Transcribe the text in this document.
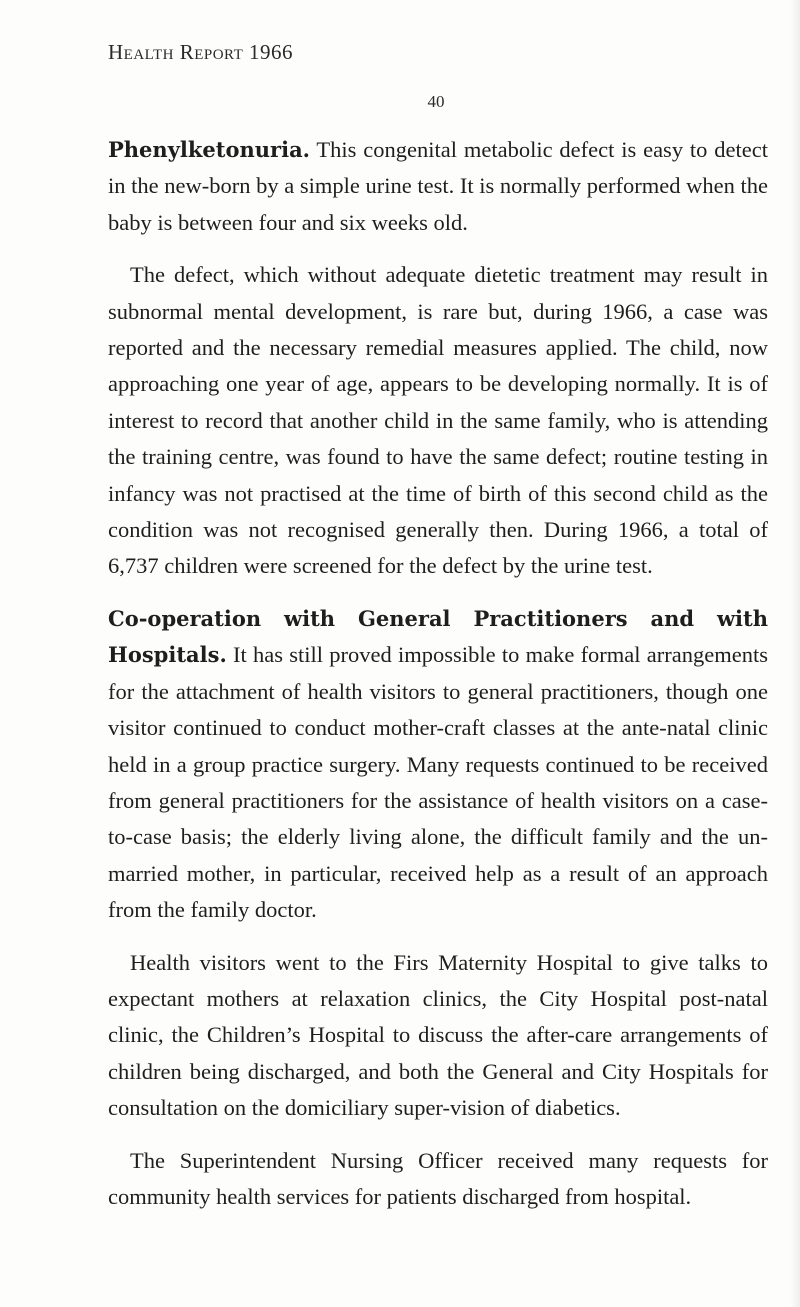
Health Report 1966
40

Phenylketonuria. This congenital metabolic defect is easy to detect in the new-born by a simple urine test. It is normally performed when the baby is between four and six weeks old.

The defect, which without adequate dietetic treatment may result in subnormal mental development, is rare but, during 1966, a case was reported and the necessary remedial measures applied. The child, now approaching one year of age, appears to be developing normally. It is of interest to record that another child in the same family, who is attending the training centre, was found to have the same defect; routine testing in infancy was not practised at the time of birth of this second child as the condition was not recognised generally then. During 1966, a total of 6,737 children were screened for the defect by the urine test.

Co-operation with General Practitioners and with Hospitals. It has still proved impossible to make formal arrangements for the attachment of health visitors to general practitioners, though one visitor continued to conduct mother-craft classes at the ante-natal clinic held in a group practice surgery. Many requests continued to be received from general practitioners for the assistance of health visitors on a case-to-case basis; the elderly living alone, the difficult family and the un-married mother, in particular, received help as a result of an approach from the family doctor.

Health visitors went to the Firs Maternity Hospital to give talks to expectant mothers at relaxation clinics, the City Hospital post-natal clinic, the Children’s Hospital to discuss the after-care arrangements of children being discharged, and both the General and City Hospitals for consultation on the domiciliary super-vision of diabetics.

The Superintendent Nursing Officer received many requests for community health services for patients discharged from hospital.
